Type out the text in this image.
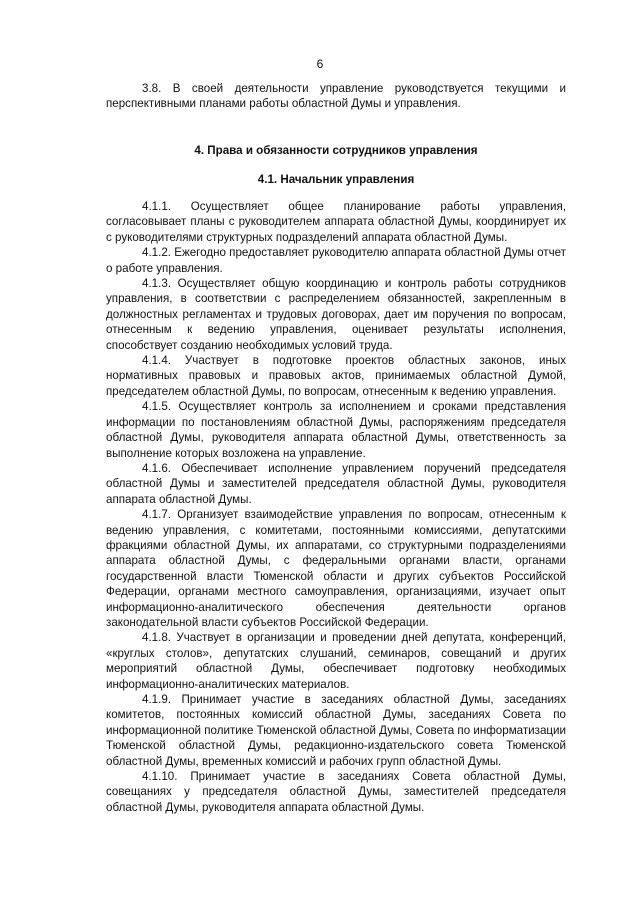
6

3.8. В своей деятельности управление руководствуется текущими и перспективными планами работы областной Думы и управления.

4. Права и обязанности сотрудников управления

4.1. Начальник управления

4.1.1. Осуществляет общее планирование работы управления, согласовывает планы с руководителем аппарата областной Думы, координирует их с руководителями структурных подразделений аппарата областной Думы.

4.1.2. Ежегодно предоставляет руководителю аппарата областной Думы отчет о работе управления.

4.1.3. Осуществляет общую координацию и контроль работы сотрудников управления, в соответствии с распределением обязанностей, закрепленным в должностных регламентах и трудовых договорах, дает им поручения по вопросам, отнесенным к ведению управления, оценивает результаты исполнения, способствует созданию необходимых условий труда.

4.1.4. Участвует в подготовке проектов областных законов, иных нормативных правовых и правовых актов, принимаемых областной Думой, председателем областной Думы, по вопросам, отнесенным к ведению управления.

4.1.5. Осуществляет контроль за исполнением и сроками представления информации по постановлениям областной Думы, распоряжениям председателя областной Думы, руководителя аппарата областной Думы, ответственность за выполнение которых возложена на управление.

4.1.6. Обеспечивает исполнение управлением поручений председателя областной Думы и заместителей председателя областной Думы, руководителя аппарата областной Думы.

4.1.7. Организует взаимодействие управления по вопросам, отнесенным к ведению управления, с комитетами, постоянными комиссиями, депутатскими фракциями областной Думы, их аппаратами, со структурными подразделениями аппарата областной Думы, с федеральными органами власти, органами государственной власти Тюменской области и других субъектов Российской Федерации, органами местного самоуправления, организациями, изучает опыт информационно-аналитического обеспечения деятельности органов законодательной власти субъектов Российской Федерации.

4.1.8. Участвует в организации и проведении дней депутата, конференций, «круглых столов», депутатских слушаний, семинаров, совещаний и других мероприятий областной Думы, обеспечивает подготовку необходимых информационно-аналитических материалов.

4.1.9. Принимает участие в заседаниях областной Думы, заседаниях комитетов, постоянных комиссий областной Думы, заседаниях Совета по информационной политике Тюменской областной Думы, Совета по информатизации Тюменской областной Думы, редакционно-издательского совета Тюменской областной Думы, временных комиссий и рабочих групп областной Думы.

4.1.10. Принимает участие в заседаниях Совета областной Думы, совещаниях у председателя областной Думы, заместителей председателя областной Думы, руководителя аппарата областной Думы.
